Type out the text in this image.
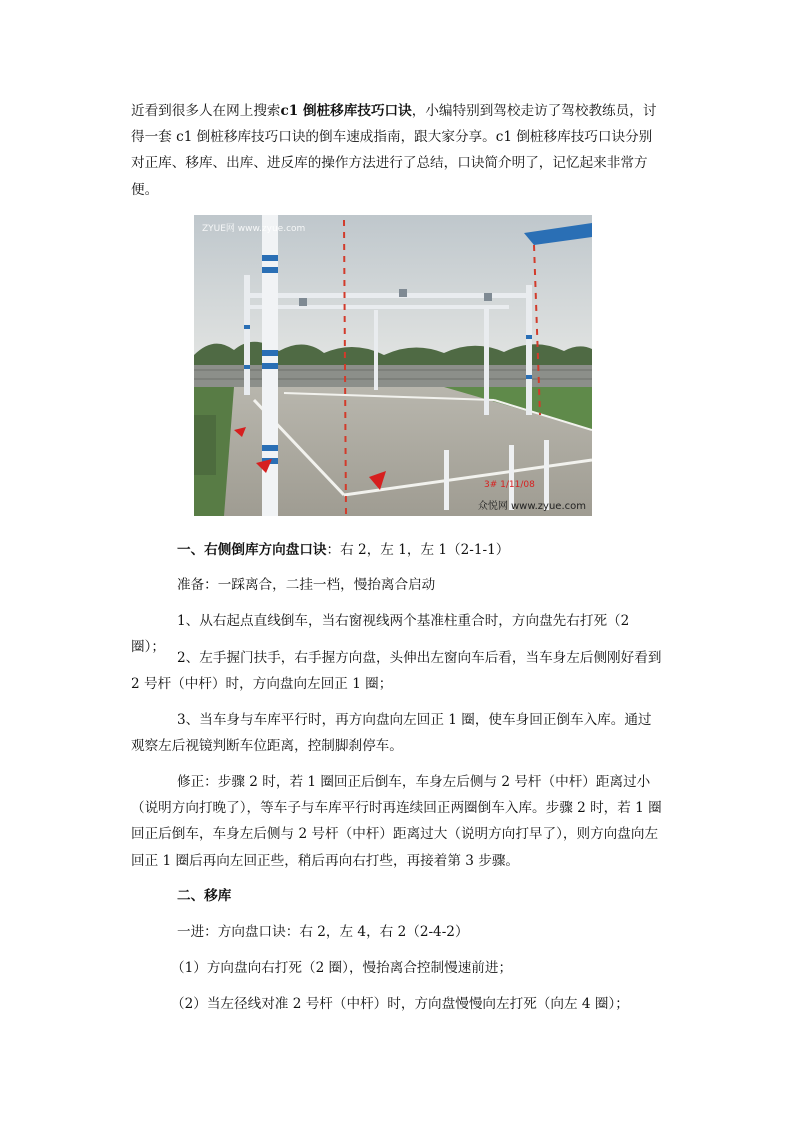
近看到很多人在网上搜索c1 倒桩移库技巧口诀，小编特别到驾校走访了驾校教练员，讨得一套 c1 倒桩移库技巧口诀的倒车速成指南，跟大家分享。c1 倒桩移库技巧口诀分别对正库、移库、出库、进反库的操作方法进行了总结，口诀简介明了，记忆起来非常方便。

ZYUE网 www.zyue.com
3# 1/11/08
众悦网 www.zyue.com

一、右侧倒库方向盘口诀：右 2，左 1，左 1（2-1-1）

准备：一踩离合，二挂一档，慢抬离合启动

1、从右起点直线倒车，当右窗视线两个基准柱重合时，方向盘先右打死（2 圈）；

2、左手握门扶手，右手握方向盘，头伸出左窗向车后看，当车身左后侧刚好看到 2 号杆（中杆）时，方向盘向左回正 1 圈；

3、当车身与车库平行时，再方向盘向左回正 1 圈，使车身回正倒车入库。通过观察左后视镜判断车位距离，控制脚刹停车。

修正：步骤 2 时，若 1 圈回正后倒车，车身左后侧与 2 号杆（中杆）距离过小（说明方向打晚了），等车子与车库平行时再连续回正两圈倒车入库。步骤 2 时，若 1 圈回正后倒车，车身左后侧与 2 号杆（中杆）距离过大（说明方向打早了），则方向盘向左回正 1 圈后再向左回正些，稍后再向右打些，再接着第 3 步骤。

二、移库

一进：方向盘口诀：右 2，左 4，右 2（2-4-2）

（1）方向盘向右打死（2 圈），慢抬离合控制慢速前进；

（2）当左径线对准 2 号杆（中杆）时，方向盘慢慢向左打死（向左 4 圈）；
